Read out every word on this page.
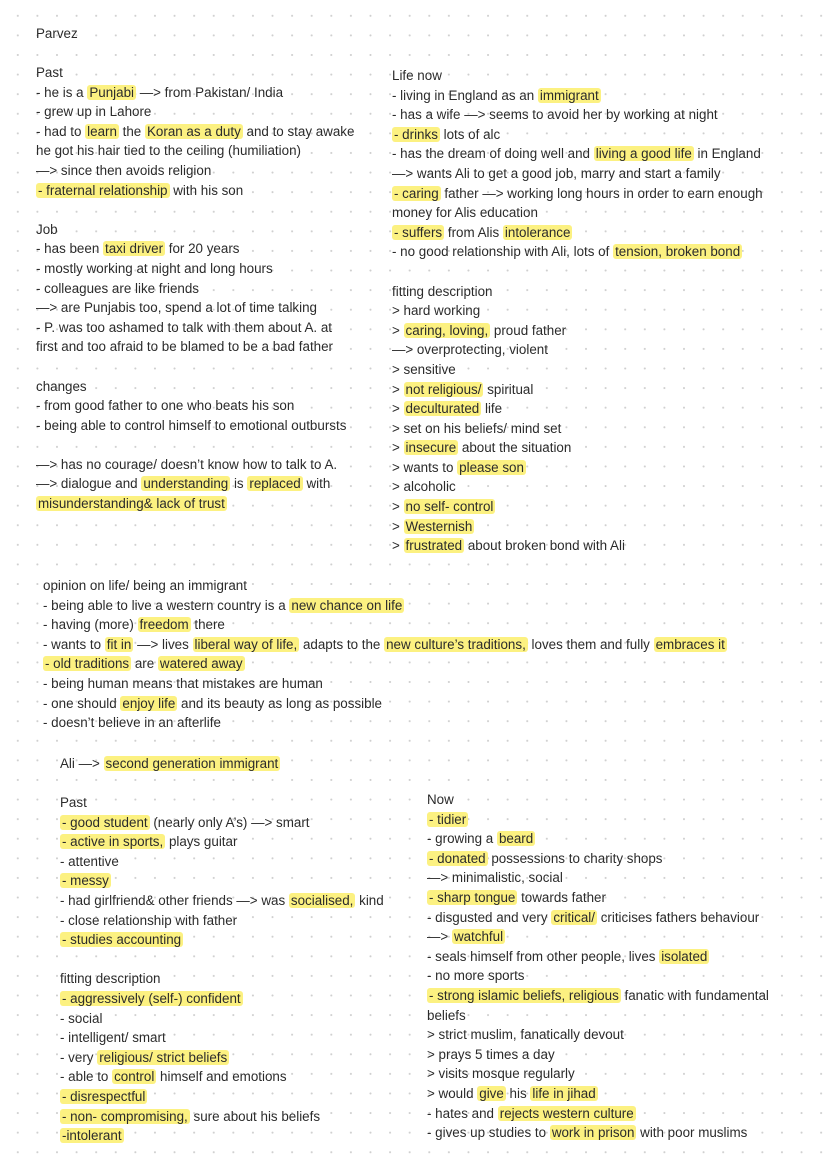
Parvez
Past
- he is a Punjabi —> from Pakistan/ India
- grew up in Lahore
- had to learn the Koran as a duty and to stay awake
he got his hair tied to the ceiling (humiliation)
—> since then avoids religion
- fraternal relationship with his son
Job
- has been taxi driver for 20 years
- mostly working at night and long hours
- colleagues are like friends
—> are Punjabis too, spend a lot of time talking
- P. was too ashamed to talk with them about A. at
first and too afraid to be blamed to be a bad father
changes
- from good father to one who beats his son
- being able to control himself to emotional outbursts
—> has no courage/ doesn’t know how to talk to A.
—> dialogue and understanding is replaced with
misunderstanding& lack of trust
Life now
- living in England as an immigrant
- has a wife —> seems to avoid her by working at night
- drinks lots of alc
- has the dream of doing well and living a good life in England
—> wants Ali to get a good job, marry and start a family
- caring father —> working long hours in order to earn enough
money for Alis education
- suffers from Alis intolerance
- no good relationship with Ali, lots of tension, broken bond
fitting description
> hard working
> caring, loving, proud father
—> overprotecting, violent
> sensitive
> not religious/ spiritual
> deculturated life
> set on his beliefs/ mind set
> insecure about the situation
> wants to please son
> alcoholic
> no self- control
> Westernish
> frustrated about broken bond with Ali
opinion on life/ being an immigrant
- being able to live a western country is a new chance on life
- having (more) freedom there
- wants to fit in —> lives liberal way of life, adapts to the new culture’s traditions, loves them and fully embraces it
- old traditions are watered away
- being human means that mistakes are human
- one should enjoy life and its beauty as long as possible
- doesn’t believe in an afterlife
Ali —> second generation immigrant
Past
- good student (nearly only A’s) —> smart
- active in sports, plays guitar
- attentive
- messy
- had girlfriend& other friends —> was socialised, kind
- close relationship with father
- studies accounting
fitting description
- aggressively (self-) confident
- social
- intelligent/ smart
- very religious/ strict beliefs
- able to control himself and emotions
- disrespectful
- non- compromising, sure about his beliefs
-intolerant
Now
- tidier
- growing a beard
- donated possessions to charity shops
—> minimalistic, social
- sharp tongue towards father
- disgusted and very critical/ criticises fathers behaviour
—> watchful
- seals himself from other people, lives isolated
- no more sports
- strong islamic beliefs, religious fanatic with fundamental
beliefs
> strict muslim, fanatically devout
> prays 5 times a day
> visits mosque regularly
> would give his life in jihad
- hates and rejects western culture
- gives up studies to work in prison with poor muslims
